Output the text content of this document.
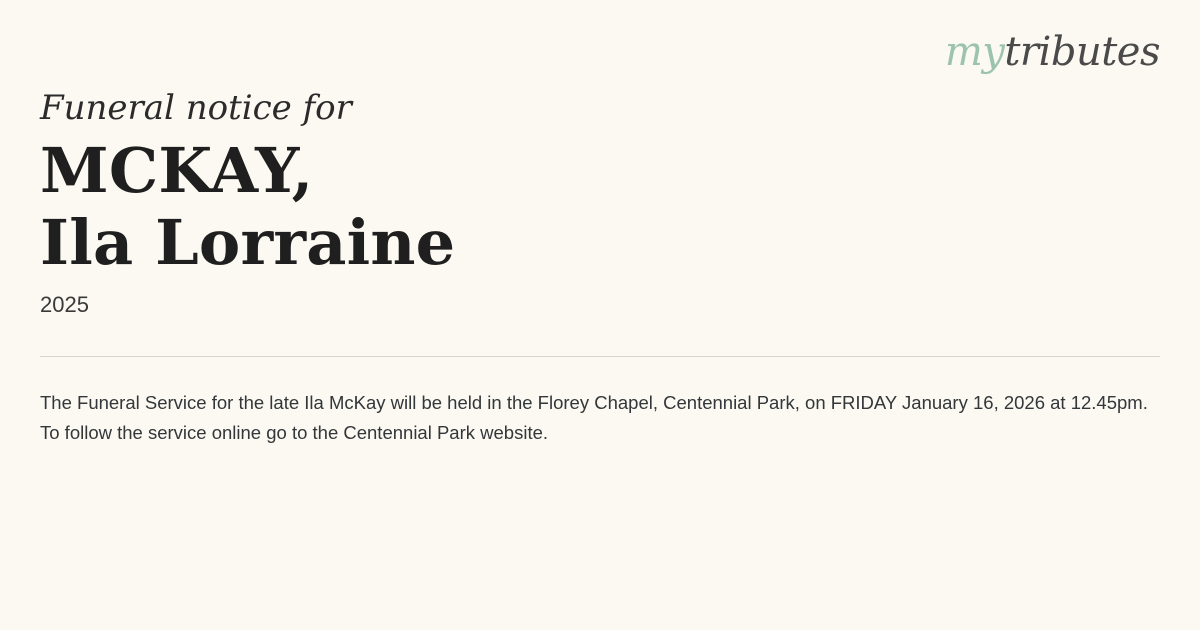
mytributes
Funeral notice for
MCKAY,
Ila Lorraine
2025

The Funeral Service for the late Ila McKay will be held in the Florey Chapel, Centennial Park, on FRIDAY January 16, 2026 at 12.45pm.

To follow the service online go to the Centennial Park website.
